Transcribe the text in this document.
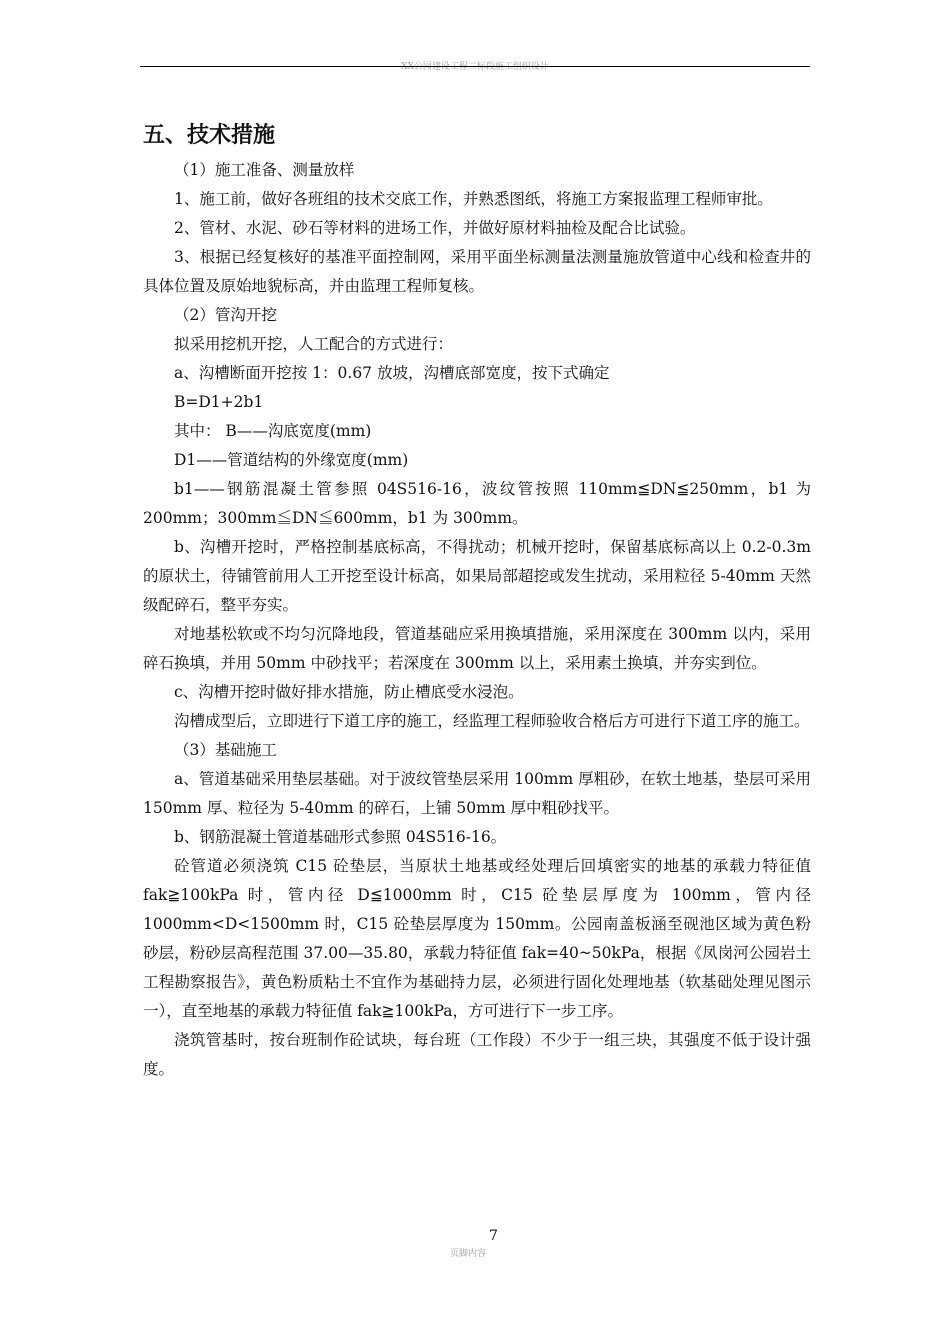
XX公园建设工程二标段施工组织设计
五、技术措施

（1）施工准备、测量放样

1、施工前，做好各班组的技术交底工作，并熟悉图纸，将施工方案报监理工程师审批。

2、管材、水泥、砂石等材料的进场工作，并做好原材料抽检及配合比试验。

3、根据已经复核好的基准平面控制网，采用平面坐标测量法测量施放管道中心线和检查井的具体位置及原始地貌标高，并由监理工程师复核。

（2）管沟开挖

拟采用挖机开挖，人工配合的方式进行：

a、沟槽断面开挖按 1：0.67 放坡，沟槽底部宽度，按下式确定

B=D1+2b1

其中： B——沟底宽度(mm)

D1——管道结构的外缘宽度(mm)

b1——钢筋混凝土管参照 04S516-16，波纹管按照 110mm≦DN≦250mm，b1 为 200mm；300mm≦DN≦600mm，b1 为 300mm。

b、沟槽开挖时，严格控制基底标高，不得扰动；机械开挖时，保留基底标高以上 0.2-0.3m 的原状土，待铺管前用人工开挖至设计标高，如果局部超挖或发生扰动，采用粒径 5-40mm 天然级配碎石，整平夯实。

对地基松软或不均匀沉降地段，管道基础应采用换填措施，采用深度在 300mm 以内，采用碎石换填，并用 50mm 中砂找平；若深度在 300mm 以上，采用素土换填，并夯实到位。

c、沟槽开挖时做好排水措施，防止槽底受水浸泡。

沟槽成型后，立即进行下道工序的施工，经监理工程师验收合格后方可进行下道工序的施工。

（3）基础施工

a、管道基础采用垫层基础。对于波纹管垫层采用 100mm 厚粗砂，在软土地基，垫层可采用 150mm 厚、粒径为 5-40mm 的碎石，上铺 50mm 厚中粗砂找平。

b、钢筋混凝土管道基础形式参照 04S516-16。

砼管道必须浇筑 C15 砼垫层，当原状土地基或经处理后回填密实的地基的承载力特征值 fak≧100kPa 时，管内径 D≦1000mm 时，C15 砼垫层厚度为 100mm，管内径 1000mm<D<1500mm 时，C15 砼垫层厚度为 150mm。公园南盖板涵至砚池区域为黄色粉砂层，粉砂层高程范围 37.00—35.80，承载力特征值 fak=40~50kPa，根据《凤岗河公园岩土工程勘察报告》，黄色粉质粘土不宜作为基础持力层，必须进行固化处理地基（软基础处理见图示一），直至地基的承载力特征值 fak≧100kPa，方可进行下一步工序。

浇筑管基时，按台班制作砼试块，每台班（工作段）不少于一组三块，其强度不低于设计强度。

7
页脚内容
